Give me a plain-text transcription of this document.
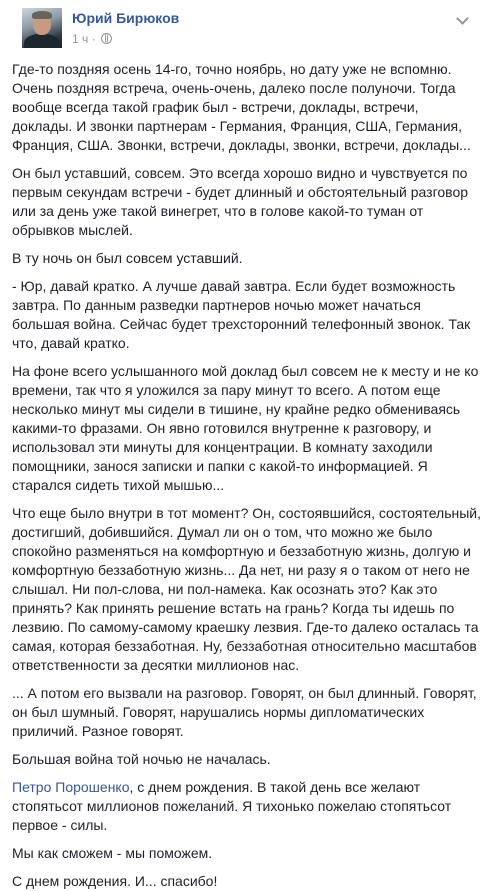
Юрий Бирюков
1 ч ·

Где-то поздняя осень 14-го, точно ноябрь, но дату уже не вспомню. Очень поздняя встреча, очень-очень, далеко после полуночи. Тогда вообще всегда такой график был - встречи, доклады, встречи, доклады. И звонки партнерам - Германия, Франция, США, Германия, Франция, США. Звонки, встречи, доклады, звонки, встречи, доклады...

Он был уставший, совсем. Это всегда хорошо видно и чувствуется по первым секундам встречи - будет длинный и обстоятельный разговор или за день уже такой винегрет, что в голове какой-то туман от обрывков мыслей.

В ту ночь он был совсем уставший.

- Юр, давай кратко. А лучше давай завтра. Если будет возможность завтра. По данным разведки партнеров ночью может начаться большая война. Сейчас будет трехсторонний телефонный звонок. Так что, давай кратко.

На фоне всего услышанного мой доклад был совсем не к месту и не ко времени, так что я уложился за пару минут то всего. А потом еще несколько минут мы сидели в тишине, ну крайне редко обмениваясь какими-то фразами. Он явно готовился внутренне к разговору, и использовал эти минуты для концентрации. В комнату заходили помощники, занося записки и папки с какой-то информацией. Я старался сидеть тихой мышью...

Что еще было внутри в тот момент? Он, состоявшийся, состоятельный, достигший, добившийся. Думал ли он о том, что можно же было спокойно разменяться на комфортную и беззаботную жизнь, долгую и комфортную беззаботную жизнь... Да нет, ни разу я о таком от него не слышал. Ни пол-слова, ни пол-намека. Как осознать это? Как это принять? Как принять решение встать на грань? Когда ты идешь по лезвию. По самому-самому краешку лезвия. Где-то далеко осталась та самая, которая беззаботная. Ну, беззаботная относительно масштабов ответственности за десятки миллионов нас.

... А потом его вызвали на разговор. Говорят, он был длинный. Говорят, он был шумный. Говорят, нарушались нормы дипломатических приличий. Разное говорят.

Большая война той ночью не началась.

Петро Порошенко, с днем рождения. В такой день все желают стопятьсот миллионов пожеланий. Я тихонько пожелаю стопятьсот первое - силы.

Мы как сможем - мы поможем.

С днем рождения. И... спасибо!
